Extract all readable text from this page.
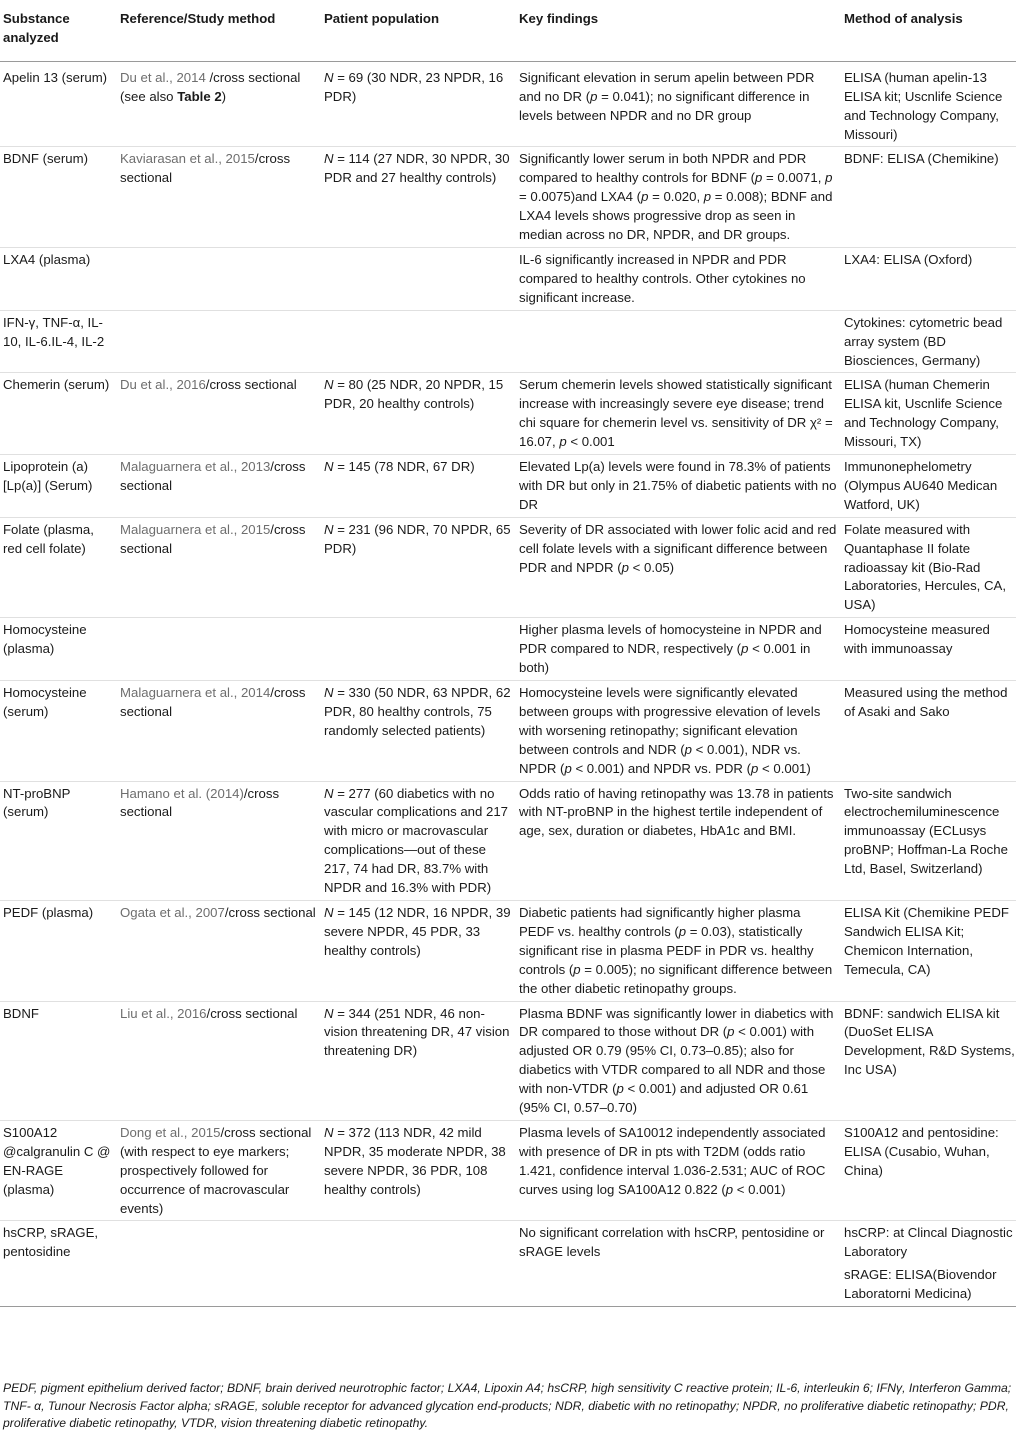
Substance analyzed	Reference/Study method	Patient population	Key findings	Method of analysis
Apelin 13 (serum)	Du et al., 2014 /cross sectional (see also Table 2)	N = 69 (30 NDR, 23 NPDR, 16 PDR)	Significant elevation in serum apelin between PDR and no DR (p = 0.041); no significant difference in levels between NPDR and no DR group	ELISA (human apelin-13 ELISA kit; Uscnlife Science and Technology Company, Missouri)
BDNF (serum)	Kaviarasan et al., 2015/cross sectional	N = 114 (27 NDR, 30 NPDR, 30 PDR and 27 healthy controls)	Significantly lower serum in both NPDR and PDR compared to healthy controls for BDNF (p = 0.0071, p = 0.0075)and LXA4 (p = 0.020, p = 0.008); BDNF and LXA4 levels shows progressive drop as seen in median across no DR, NPDR, and DR groups.	BDNF: ELISA (Chemikine)
LXA4 (plasma)			IL-6 significantly increased in NPDR and PDR compared to healthy controls. Other cytokines no significant increase.	LXA4: ELISA (Oxford)
IFN-γ, TNF-α, IL-10, IL-6.IL-4, IL-2				Cytokines: cytometric bead array system (BD Biosciences, Germany)
Chemerin (serum)	Du et al., 2016/cross sectional	N = 80 (25 NDR, 20 NPDR, 15 PDR, 20 healthy controls)	Serum chemerin levels showed statistically significant increase with increasingly severe eye disease; trend chi square for chemerin level vs. sensitivity of DR χ² = 16.07, p < 0.001	ELISA (human Chemerin ELISA kit, Uscnlife Science and Technology Company, Missouri, TX)
Lipoprotein (a) [Lp(a)] (Serum)	Malaguarnera et al., 2013/cross sectional	N = 145 (78 NDR, 67 DR)	Elevated Lp(a) levels were found in 78.3% of patients with DR but only in 21.75% of diabetic patients with no DR	Immunonephelometry (Olympus AU640 Medican Watford, UK)
Folate (plasma, red cell folate)	Malaguarnera et al., 2015/cross sectional	N = 231 (96 NDR, 70 NPDR, 65 PDR)	Severity of DR associated with lower folic acid and red cell folate levels with a significant difference between PDR and NPDR (p < 0.05)	Folate measured with Quantaphase II folate radioassay kit (Bio-Rad Laboratories, Hercules, CA, USA)
Homocysteine (plasma)			Higher plasma levels of homocysteine in NPDR and PDR compared to NDR, respectively (p < 0.001 in both)	Homocysteine measured with immunoassay
Homocysteine (serum)	Malaguarnera et al., 2014/cross sectional	N = 330 (50 NDR, 63 NPDR, 62 PDR, 80 healthy controls, 75 randomly selected patients)	Homocysteine levels were significantly elevated between groups with progressive elevation of levels with worsening retinopathy; significant elevation between controls and NDR (p < 0.001), NDR vs. NPDR (p < 0.001) and NPDR vs. PDR (p < 0.001)	Measured using the method of Asaki and Sako
NT-proBNP (serum)	Hamano et al. (2014)/cross sectional	N = 277 (60 diabetics with no vascular complications and 217 with micro or macrovascular complications—out of these 217, 74 had DR, 83.7% with NPDR and 16.3% with PDR)	Odds ratio of having retinopathy was 13.78 in patients with NT-proBNP in the highest tertile independent of age, sex, duration or diabetes, HbA1c and BMI.	Two-site sandwich electrochemiluminescence immunoassay (ECLusys proBNP; Hoffman-La Roche Ltd, Basel, Switzerland)
PEDF (plasma)	Ogata et al., 2007/cross sectional	N = 145 (12 NDR, 16 NPDR, 39 severe NPDR, 45 PDR, 33 healthy controls)	Diabetic patients had significantly higher plasma PEDF vs. healthy controls (p = 0.03), statistically significant rise in plasma PEDF in PDR vs. healthy controls (p = 0.005); no significant difference between the other diabetic retinopathy groups.	ELISA Kit (Chemikine PEDF Sandwich ELISA Kit; Chemicon Internation, Temecula, CA)
BDNF	Liu et al., 2016/cross sectional	N = 344 (251 NDR, 46 non-vision threatening DR, 47 vision threatening DR)	Plasma BDNF was significantly lower in diabetics with DR compared to those without DR (p < 0.001) with adjusted OR 0.79 (95% CI, 0.73–0.85); also for diabetics with VTDR compared to all NDR and those with non-VTDR (p < 0.001) and adjusted OR 0.61 (95% CI, 0.57–0.70)	BDNF: sandwich ELISA kit (DuoSet ELISA Development, R&D Systems, Inc USA)
S100A12 @calgranulin C @ EN-RAGE (plasma)	Dong et al., 2015/cross sectional (with respect to eye markers; prospectively followed for occurrence of macrovascular events)	N = 372 (113 NDR, 42 mild NPDR, 35 moderate NPDR, 38 severe NPDR, 36 PDR, 108 healthy controls)	Plasma levels of SA10012 independently associated with presence of DR in pts with T2DM (odds ratio 1.421, confidence interval 1.036-2.531; AUC of ROC curves using log SA100A12 0.822 (p < 0.001)	S100A12 and pentosidine: ELISA (Cusabio, Wuhan, China)
hsCRP, sRAGE, pentosidine			No significant correlation with hsCRP, pentosidine or sRAGE levels	hsCRP: at Clincal Diagnostic Laboratory
sRAGE: ELISA(Biovendor Laboratorni Medicina)
PEDF, pigment epithelium derived factor; BDNF, brain derived neurotrophic factor; LXA4, Lipoxin A4; hsCRP, high sensitivity C reactive protein; IL-6, interleukin 6; IFNγ, Interferon Gamma; TNF- α, Tunour Necrosis Factor alpha; sRAGE, soluble receptor for advanced glycation end-products; NDR, diabetic with no retinopathy; NPDR, no proliferative diabetic retinopathy; PDR, proliferative diabetic retinopathy, VTDR, vision threatening diabetic retinopathy.
